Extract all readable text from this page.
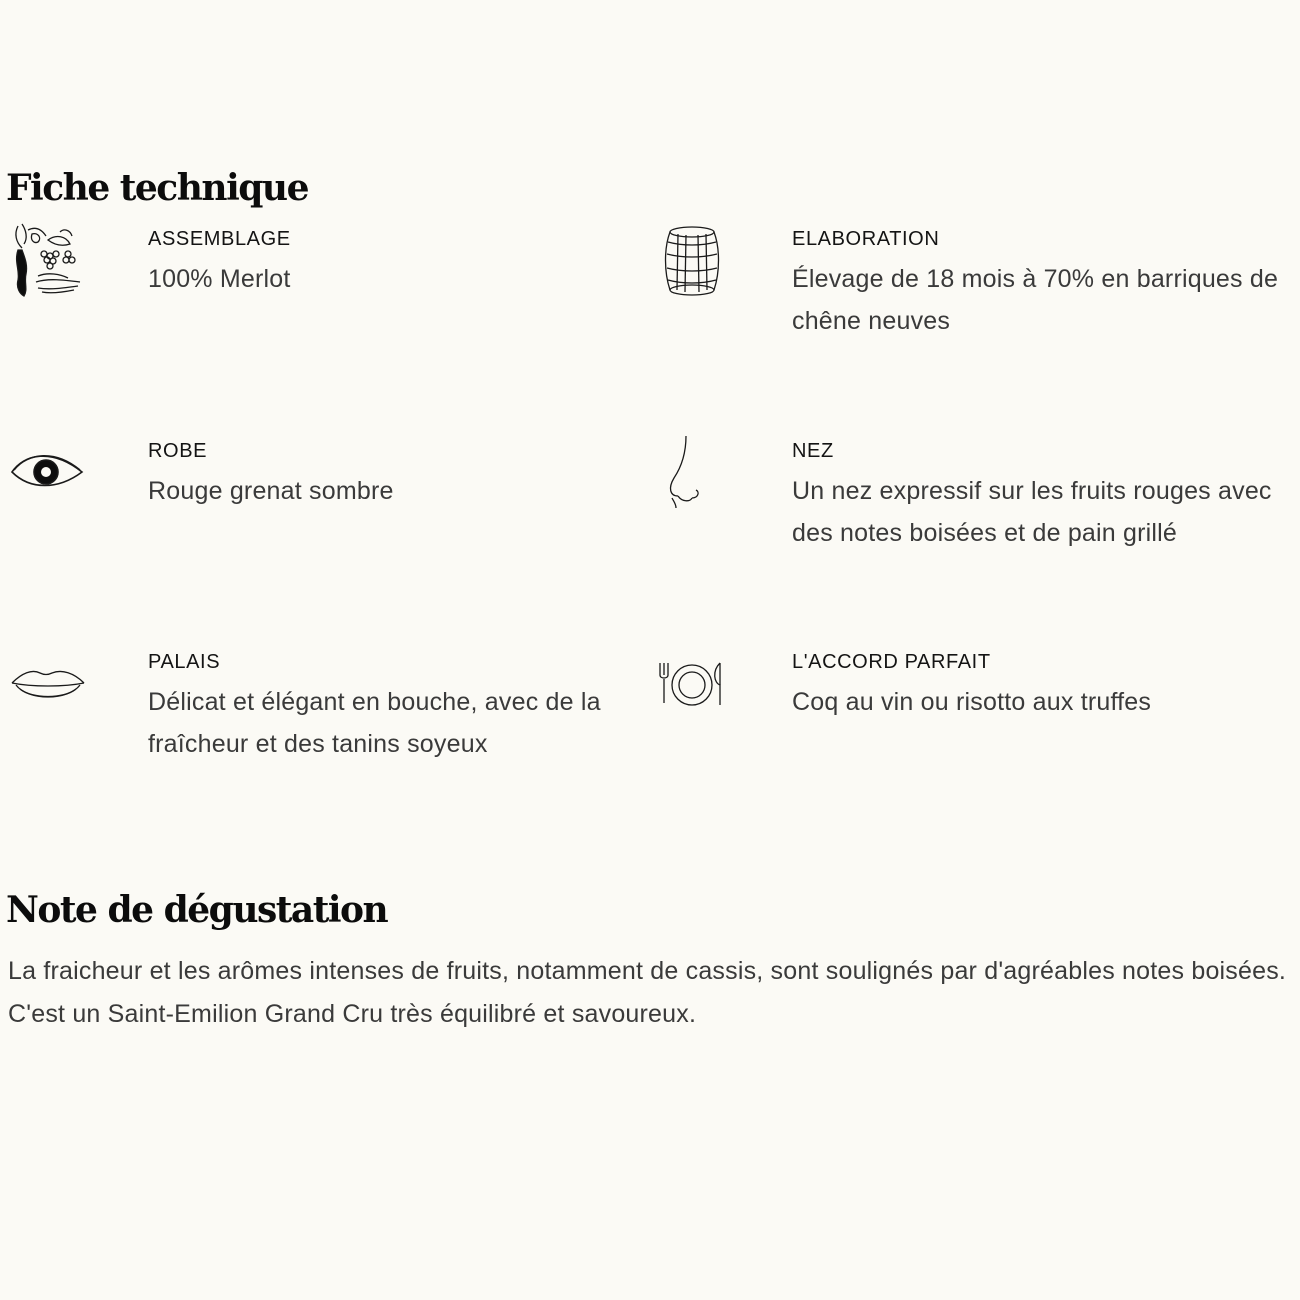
Fiche technique
ASSEMBLAGE
100% Merlot
ELABORATION
Élevage de 18 mois à 70% en barriques de chêne neuves
ROBE
Rouge grenat sombre
NEZ
Un nez expressif sur les fruits rouges avec des notes boisées et de pain grillé
PALAIS
Délicat et élégant en bouche, avec de la fraîcheur et des tanins soyeux
L'ACCORD PARFAIT
Coq au vin ou risotto aux truffes
Note de dégustation

La fraicheur et les arômes intenses de fruits, notamment de cassis, sont soulignés par d'agréables notes boisées. C'est un Saint-Emilion Grand Cru très équilibré et savoureux.
